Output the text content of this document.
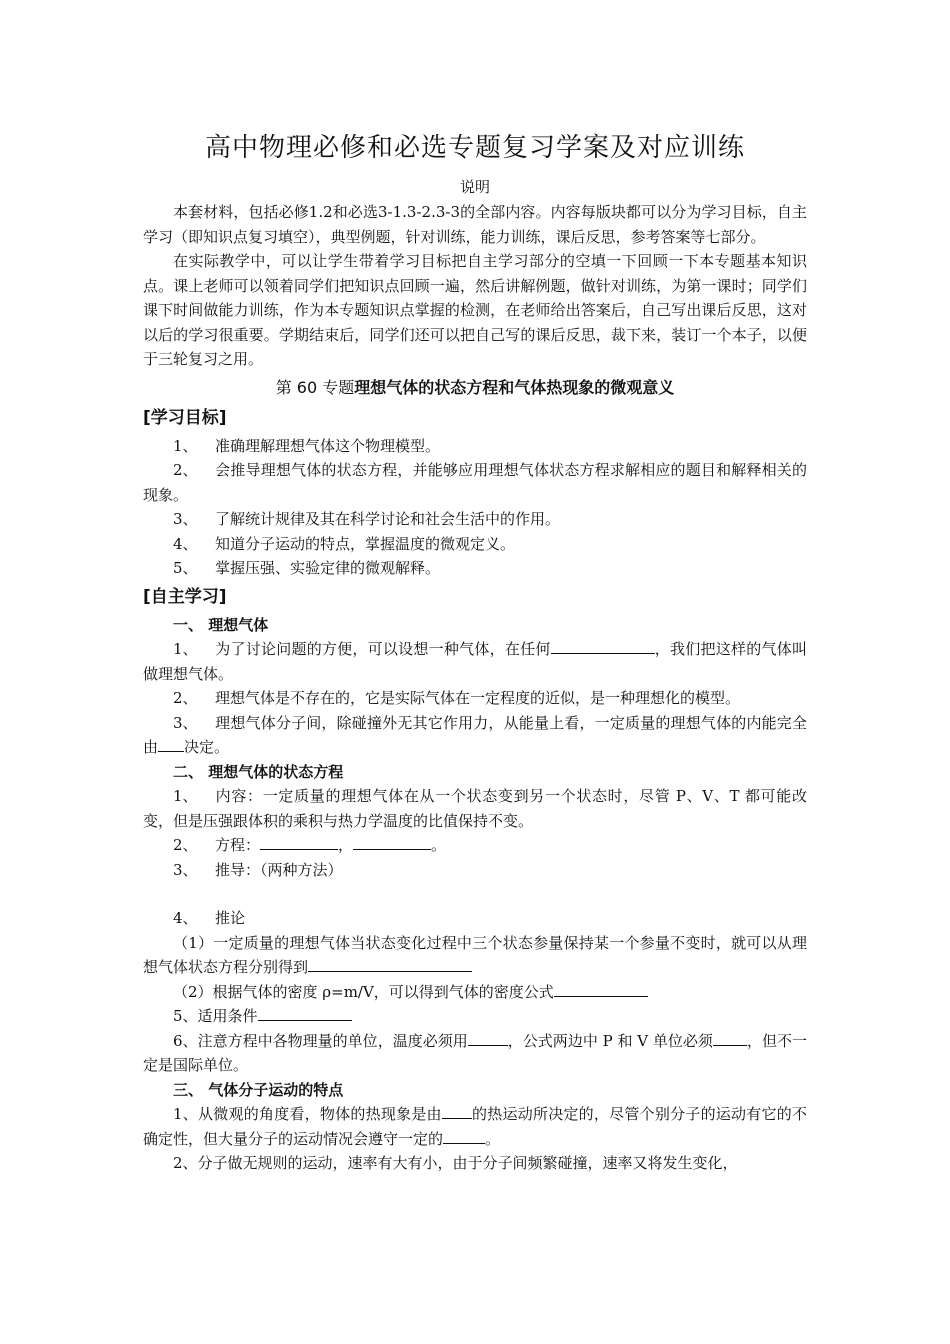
高中物理必修和必选专题复习学案及对应训练
说明

本套材料，包括必修1.2和必选3-1.3-2.3-3的全部内容。内容每版块都可以分为学习目标，自主学习（即知识点复习填空），典型例题，针对训练，能力训练，课后反思，参考答案等七部分。

在实际教学中，可以让学生带着学习目标把自主学习部分的空填一下回顾一下本专题基本知识点。课上老师可以领着同学们把知识点回顾一遍，然后讲解例题，做针对训练，为第一课时；同学们课下时间做能力训练，作为本专题知识点掌握的检测，在老师给出答案后，自己写出课后反思，这对以后的学习很重要。学期结束后，同学们还可以把自己写的课后反思，裁下来，装订一个本子，以便于三轮复习之用。

第 60 专题理想气体的状态方程和气体热现象的微观意义
[学习目标]

1、 准确理解理想气体这个物理模型。

2、 会推导理想气体的状态方程，并能够应用理想气体状态方程求解相应的题目和解释相关的现象。

3、 了解统计规律及其在科学讨论和社会生活中的作用。

4、 知道分子运动的特点，掌握温度的微观定义。

5、 掌握压强、实验定律的微观解释。

[自主学习]
一、 理想气体

1、 为了讨论问题的方便，可以设想一种气体，在任何	，我们把这样的气体叫做理想气体。

2、 理想气体是不存在的，它是实际气体在一定程度的近似，是一种理想化的模型。

3、 理想气体分子间，除碰撞外无其它作用力，从能量上看，一定质量的理想气体的内能完全由 决定。

二、 理想气体的状态方程

1、 内容：一定质量的理想气体在从一个状态变到另一个状态时，尽管 P、V、T 都可能改变，但是压强跟体积的乘积与热力学温度的比值保持不变。

2、 方程：	，	。

3、 推导：（两种方法）

4、 推论

（1）一定质量的理想气体当状态变化过程中三个状态参量保持某一个参量不变时，就可以从理想气体状态方程分别得到

（2）根据气体的密度 ρ=m/V，可以得到气体的密度公式

5、适用条件

6、注意方程中各物理量的单位，温度必须用	，公式两边中 P 和 V 单位必须 ，但不一定是国际单位。

三、 气体分子运动的特点

1、从微观的角度看，物体的热现象是由 的热运动所决定的，尽管个别分子的运动有它的不确定性，但大量分子的运动情况会遵守一定的	。

2、分子做无规则的运动，速率有大有小，由于分子间频繁碰撞，速率又将发生变化，
